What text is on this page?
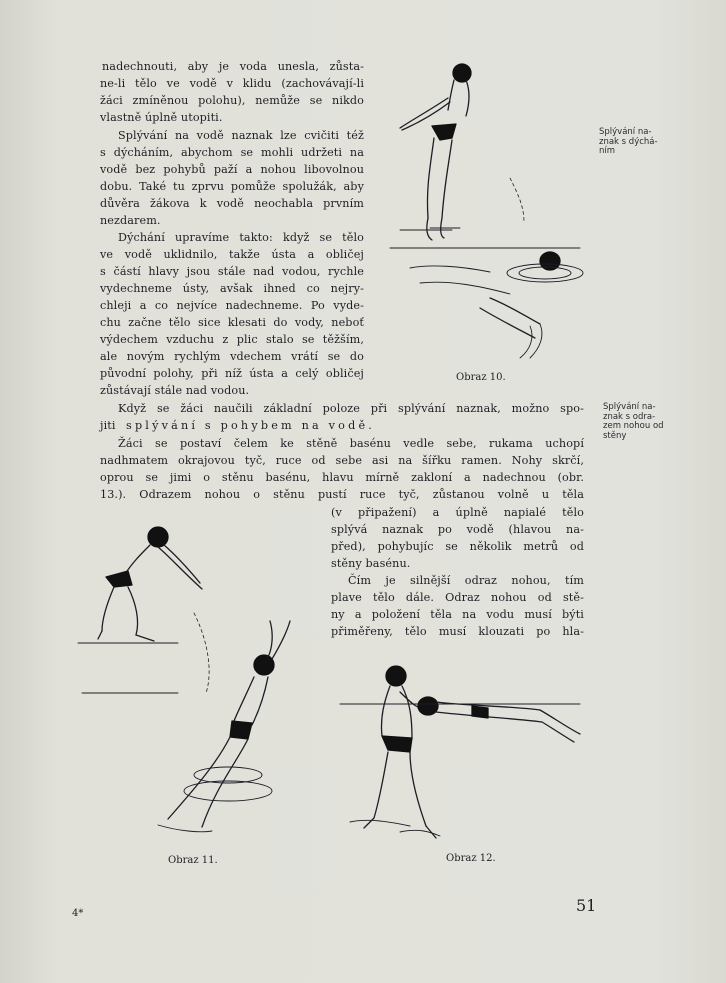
nadechnouti, aby je voda unesla, zůsta-
ne-li tělo ve vodě v klidu (zachovávají-li
žáci zmíněnou polohu), nemůže se nikdo
vlastně úplně utopiti.
Splývání na vodě naznak lze cvičiti též
s dýcháním, abychom se mohli udržeti na
vodě bez pohybů paží a nohou libovolnou
dobu. Také tu zprvu pomůže spolužák, aby
důvěra žákova k vodě neochabla prvním
nezdarem.
Dýchání upravíme takto: když se tělo
ve vodě uklidnilo, takže ústa a obličej
s částí hlavy jsou stále nad vodou, rychle
vydechneme ústy, avšak ihned co nejry-
chleji a co nejvíce nadechneme. Po vyde-
chu začne tělo sice klesati do vody, neboť
výdechem vzduchu z plic stalo se těžším,
ale novým rychlým vdechem vrátí se do
původní polohy, při níž ústa a celý obličej
zůstávají stále nad vodou.
Když se žáci naučili základní poloze při splývání naznak, možno spo-
jiti splývání s pohybem na vodě.
Žáci se postaví čelem ke stěně basénu vedle sebe, rukama uchopí
nadhmatem okrajovou tyč, ruce od sebe asi na šířku ramen. Nohy skrčí,
oprou se jimi o stěnu basénu, hlavu mírně zakloní a nadechnou (obr.
13.). Odrazem nohou o stěnu pustí ruce tyč, zůstanou volně u těla
(v připažení) a úplně napialé tělo
splývá naznak po vodě (hlavou na-
před), pohybujíc se několik metrů od
stěny basénu.
Čím je silnější odraz nohou, tím
plave tělo dále. Odraz nohou od stě-
ny a položení těla na vodu musí býti
přiměřeny, tělo musí klouzati po hla-
Splývání na-
znak s dýchá-
ním
Splývání na-
znak s odra-
zem nohou od
stěny
Obraz 10.
Obraz 11.	Obraz 12.
51
4*
